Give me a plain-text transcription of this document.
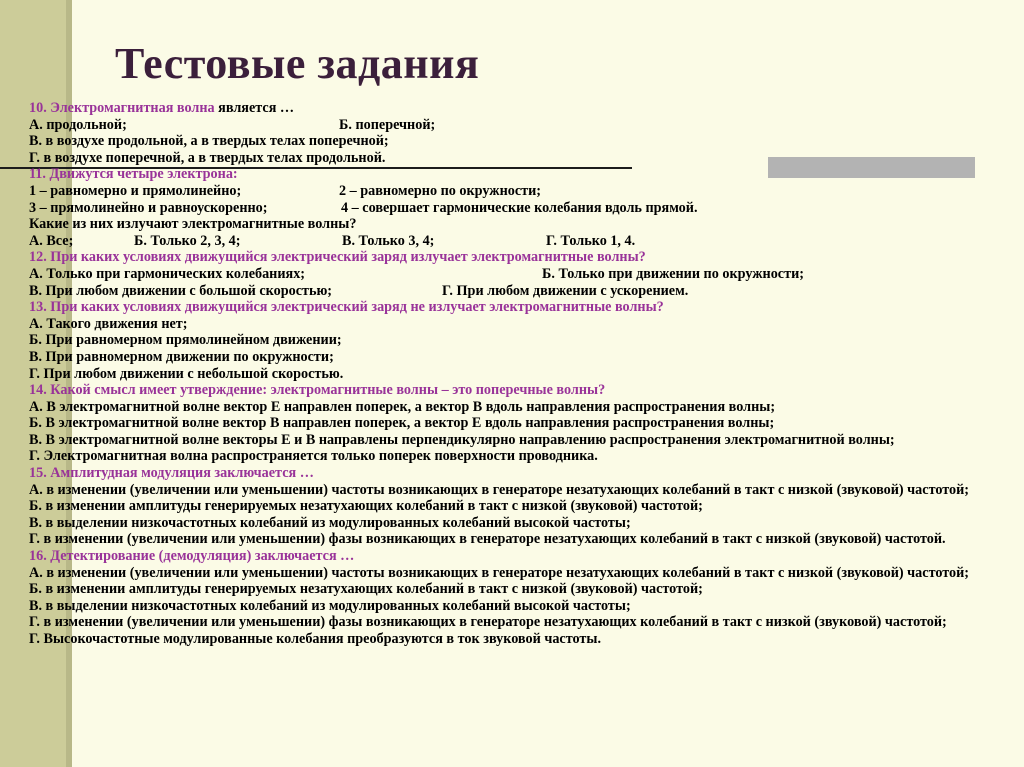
Тестовые задания
10. Электромагнитная волна является …
А. продольной;	Б. поперечной;
В. в воздухе продольной, а в твердых телах поперечной;
Г. в воздухе поперечной, а в твердых телах продольной.
11. Движутся четыре электрона:
1 – равномерно и прямолинейно;	2 – равномерно по окружности;
3 – прямолинейно и равноускоренно;	4 – совершает гармонические колебания вдоль прямой.
Какие из них излучают электромагнитные волны?
А. Все;	Б. Только 2, 3, 4;	В. Только 3, 4;	Г. Только 1, 4.
12. При каких условиях движущийся электрический заряд излучает электромагнитные волны?
А. Только при гармонических колебаниях;	Б. Только при движении по окружности;
В. При любом движении с большой скоростью;	Г. При любом движении с ускорением.
13. При каких условиях движущийся электрический заряд не излучает электромагнитные волны?
А. Такого движения нет;
Б. При равномерном прямолинейном движении;
В. При равномерном движении по окружности;
Г. При любом движении с небольшой скоростью.
14. Какой смысл имеет утверждение: электромагнитные волны – это поперечные волны?
А. В электромагнитной волне вектор Е направлен поперек, а вектор В вдоль направления распространения волны;
Б. В электромагнитной волне вектор В направлен поперек, а вектор Е вдоль направления распространения волны;
В. В электромагнитной волне векторы Е и В направлены перпендикулярно направлению распространения электромагнитной волны;
Г. Электромагнитная волна распространяется только поперек поверхности проводника.
15. Амплитудная модуляция заключается …
А. в изменении (увеличении или уменьшении) частоты возникающих в генераторе незатухающих колебаний в такт с низкой (звуковой) частотой;
Б. в изменении амплитуды генерируемых незатухающих колебаний в такт с низкой (звуковой) частотой;
В. в выделении низкочастотных колебаний из модулированных колебаний высокой частоты;
Г. в изменении (увеличении или уменьшении) фазы возникающих в генераторе незатухающих колебаний в такт с низкой (звуковой) частотой.
16. Детектирование (демодуляция) заключается …
А. в изменении (увеличении или уменьшении) частоты возникающих в генераторе незатухающих колебаний в такт с низкой (звуковой) частотой;
Б. в изменении амплитуды генерируемых незатухающих колебаний в такт с низкой (звуковой) частотой;
В. в выделении низкочастотных колебаний из модулированных колебаний высокой частоты;
Г. в изменении (увеличении или уменьшении) фазы возникающих в генераторе незатухающих колебаний в такт с низкой (звуковой) частотой;
Г. Высокочастотные модулированные колебания преобразуются в ток звуковой частоты.
